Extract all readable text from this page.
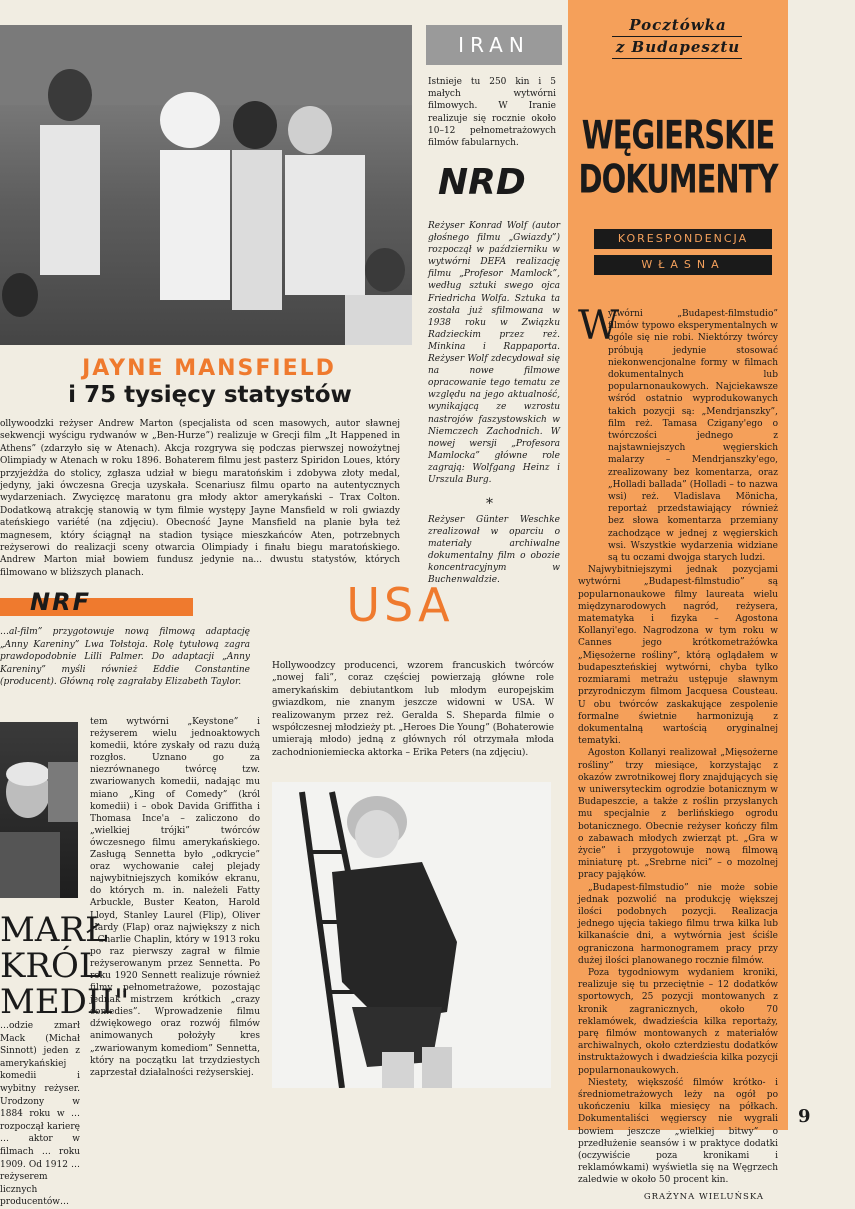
JAYNE MANSFIELD
i 75 tysięcy statystów
ollywoodzki reżyser Andrew Marton (specjalista od scen masowych, autor sławnej sekwencji wyścigu rydwanów w „Ben-Hurze”) realizuje w Grecji film „It Happened in Athens” (zdarzyło się w Atenach). Akcja rozgrywa się podczas pierwszej nowożytnej Olimpiady w Atenach w roku 1896. Bohaterem filmu jest pasterz Spiridon Loues, który przyjeżdża do stolicy, zgłasza udział w biegu maratońskim i zdobywa złoty medal, jedyny, jaki ówczesna Grecja uzyskała. Scenariusz filmu oparto na autentycznych wydarzeniach. Zwycięzcę maratonu gra młody aktor amerykański – Trax Colton. Dodatkową atrakcję stanowią w tym filmie występy Jayne Mansfield w roli gwiazdy ateńskiego variété (na zdjęciu). Obecność Jayne Mansfield na planie była też magnesem, który ściągnął na stadion tysiące mieszkańców Aten, potrzebnych reżyserowi do realizacji sceny otwarcia Olimpiady i finału biegu maratońskiego. Andrew Marton miał bowiem fundusz jedynie na... dwustu statystów, których filmowano w bliższych planach.
IRAN
Istnieje tu 250 kin i 5 małych wytwórni filmowych. W Iranie realizuje się rocznie około 10–12 pełnometrażowych filmów fabularnych.
NRD
Reżyser Konrad Wolf (autor głośnego filmu „Gwiazdy”) rozpoczął w październiku w wytwórni DEFA realizację filmu „Profesor Mamlock”, według sztuki swego ojca Friedricha Wolfa. Sztuka ta została już sfilmowana w 1938 roku w Związku Radzieckim przez reż. Minkina i Rappaporta. Reżyser Wolf zdecydował się na nowe filmowe opracowanie tego tematu ze względu na jego aktualność, wynikającą ze wzrostu nastrojów faszystowskich w Niemczech Zachodnich. W nowej wersji „Profesora Mamlocka” główne role zagrają: Wolfgang Heinz i Urszula Burg.
*
Reżyser Günter Weschke zrealizował w oparciu o materiały archiwalne dokumentalny film o obozie koncentracyjnym w Buchenwaldzie.
NRF
…al-film” przygotowuje nową filmową adaptację „Anny Kareniny” Lwa Tołstoja. Rolę tytułową zagra prawdopodobnie Lilli Palmer. Do adaptacji „Anny Kareniny” myśli również Eddie Constantine (producent). Główną rolę zagrałaby Elizabeth Taylor.
USA
Hollywoodzcy producenci, wzorem francuskich twórców „nowej fali”, coraz częściej powierzają główne role amerykańskim debiutantkom lub młodym europejskim gwiazdkom, nie znanym jeszcze widowni w USA. W realizowanym przez reż. Geralda S. Sheparda filmie o współczesnej młodzieży pt. „Heroes Die Young” (Bohaterowie umierają młodo) jedną z głównych ról otrzymała młoda zachodnioniemiecka aktorka – Erika Peters (na zdjęciu).
MARŁ
KRÓL
MEDII"
…odzie zmarł Mack (Michał Sinnott) jeden z amerykańskiej komedii i wybitny reżyser. Urodzony w 1884 roku w … rozpoczął karierę … aktor w filmach … roku 1909. Od 1912 … reżyserem licznych producentów…
tem wytwórni „Keystone” i reżyserem wielu jednoaktowych komedii, które zyskały od razu dużą rozgłos. Uznano go za niezrównanego twórcę tzw. zwariowanych komedii, nadając mu miano „King of Comedy” (król komedii) i – obok Davida Griffitha i Thomasa Ince'a – zaliczono do „wielkiej trójki” twórców ówczesnego filmu amerykańskiego. Zasługą Sennetta było „odkrycie” oraz wychowanie całej plejady najwybitniejszych komików ekranu, do których m. in. należeli Fatty Arbuckle, Buster Keaton, Harold Lloyd, Stanley Laurel (Flip), Oliver Hardy (Flap) oraz największy z nich – Charlie Chaplin, który w 1913 roku po raz pierwszy zagrał w filmie reżyserowanym przez Sennetta. Po roku 1920 Sennett realizuje również filmy pełnometrażowe, pozostając jednak mistrzem krótkich „crazy comedies”. Wprowadzenie filmu dźwiękowego oraz rozwój filmów animowanych położyły kres „zwariowanym komediom” Sennetta, który na początku lat trzydziestych zaprzestał działalności reżyserskiej.
Pocztówka
z Budapesztu
WĘGIERSKIE
DOKUMENTY
KORESPONDENCJA
WŁASNA
W

ytwórni „Budapest-filmstudio” filmów typowo eksperymentalnych w ogóle się nie robi. Niektórzy twórcy próbują jedynie stosować niekonwencjonalne formy w filmach dokumentalnych lub popularnonaukowych. Najciekawsze wśród ostatnio wyprodukowanych takich pozycji są: „Mendrjanszky”, film reż. Tamasa Czigany'ego o twórczości jednego z najstawniejszych węgierskich malarzy – Mendrjanszky'ego, zrealizowany bez komentarza, oraz „Holladi ballada” (Holladi – to nazwa wsi) reż. Vladislava Mönicha, reportaż przedstawiający również bez słowa komentarza przemiany zachodzące w jednej z węgierskich wsi. Wszystkie wydarzenia widziane są tu oczami dwojga starych ludzi.

Najwybitniejszymi jednak pozycjami wytwórni „Budapest-filmstudio” są popularnonaukowe filmy laureata wielu międzynarodowych nagród, reżysera, matematyka i fizyka – Agostona Kollanyi'ego. Nagrodzona w tym roku w Cannes jego krótkometrażówka „Mięsożerne rośliny”, którą oglądałem w budapeszteńskiej wytwórni, chyba tylko rozmiarami metrażu ustępuje sławnym przyrodniczym filmom Jacquesa Cousteau. U obu twórców zaskakujące zespolenie formalne świetnie harmonizują z dokumentalną wartością oryginalnej tematyki.

Agoston Kollanyi realizował „Mięsożerne rośliny” trzy miesiące, korzystając z okazów zwrotnikowej flory znajdujących się w uniwersyteckim ogrodzie botanicznym w Budapeszcie, a także z roślin przysłanych mu specjalnie z berlińskiego ogrodu botanicznego. Obecnie reżyser kończy film o zabawach młodych zwierząt pt. „Gra w życie” i przygotowuje nową filmową miniaturę pt. „Srebrne nici” – o mozolnej pracy pająków.

„Budapest-filmstudio” nie może sobie jednak pozwolić na produkcję większej ilości podobnych pozycji. Realizacja jednego ujęcia takiego filmu trwa kilka lub kilkanaście dni, a wytwórnia jest ściśle ograniczona harmonogramem pracy przy dużej ilości planowanego rocznie filmów.

Poza tygodniowym wydaniem kroniki, realizuje się tu przeciętnie – 12 dodatków sportowych, 25 pozycji montowanych z kronik zagranicznych, około 70 reklamówek, dwadzieścia kilka reportaży, parę filmów montowanych z materiałów archiwalnych, około czterdziestu dodatków instruktażowych i dwadzieścia kilka pozycji popularnonaukowych.

Niestety, większość filmów krótko- i średniometrażowych leży na ogół po ukończeniu kilka miesięcy na półkach. Dokumentaliści węgierscy nie wygrali bowiem jeszcze „wielkiej bitwy” o przedłużenie seansów i w praktyce dodatki (oczywiście poza kronikami i reklamówkami) wyświetla się na Węgrzech zaledwie w około 50 procent kin.

GRAŻYNA WIELUŃSKA
9
